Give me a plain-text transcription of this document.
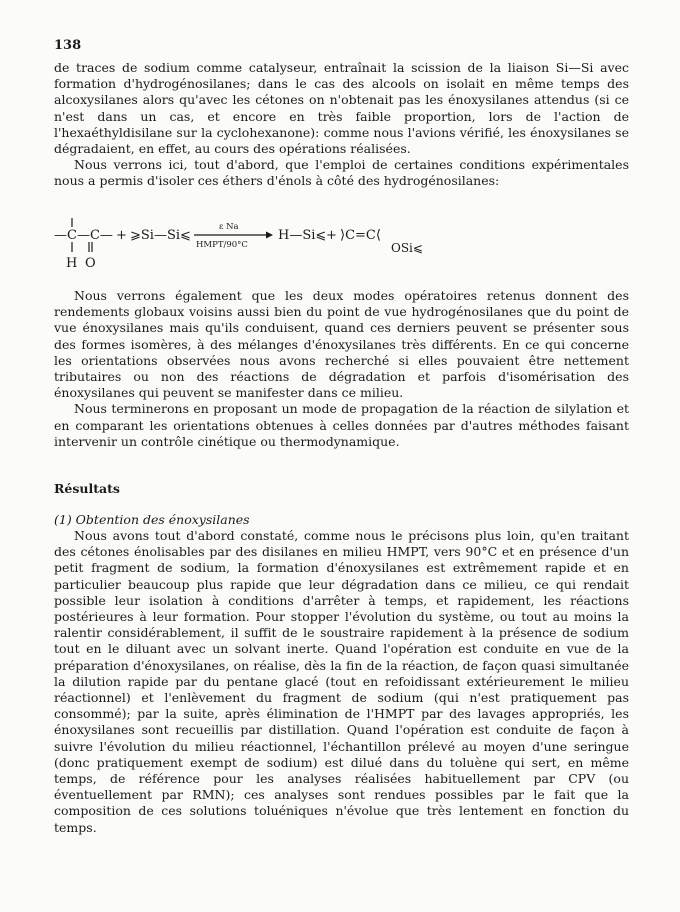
138

de traces de sodium comme catalyseur, entraînait la scission de la liaison Si—Si avec formation d'hydrogénosilanes; dans le cas des alcools on isolait en même temps des alcoxysilanes alors qu'avec les cétones on n'obtenait pas les énoxysilanes attendus (si ce n'est dans un cas, et encore en très faible proportion, lors de l'action de l'hexaéthyldisilane sur la cyclohexanone): comme nous l'avions vérifié, les énoxysilanes se dégradaient, en effet, au cours des opérations réalisées.

Nous verrons ici, tout d'abord, que l'emploi de certaines conditions expérimentales nous a permis d'isoler ces éthers d'énols à côté des hydrogénosilanes:

—C—C—
H O
+ ⩾Si—Si⩽
ε Na
HMPT/90°C
H—Si⩽ + ⟩C=C⟨
OSi⩽

Nous verrons également que les deux modes opératoires retenus donnent des rendements globaux voisins aussi bien du point de vue hydrogénosilanes que du point de vue énoxysilanes mais qu'ils conduisent, quand ces derniers peuvent se présenter sous des formes isomères, à des mélanges d'énoxysilanes très différents. En ce qui concerne les orientations observées nous avons recherché si elles pouvaient être nettement tributaires ou non des réactions de dégradation et parfois d'isomérisation des énoxysilanes qui peuvent se manifester dans ce milieu.

Nous terminerons en proposant un mode de propagation de la réaction de silylation et en comparant les orientations obtenues à celles données par d'autres méthodes faisant intervenir un contrôle cinétique ou thermodynamique.

Résultats
(1) Obtention des énoxysilanes

Nous avons tout d'abord constaté, comme nous le précisons plus loin, qu'en traitant des cétones énolisables par des disilanes en milieu HMPT, vers 90°C et en présence d'un petit fragment de sodium, la formation d'énoxysilanes est extrêmement rapide et en particulier beaucoup plus rapide que leur dégradation dans ce milieu, ce qui rendait possible leur isolation à conditions d'arrêter à temps, et rapidement, les réactions postérieures à leur formation. Pour stopper l'évolution du système, ou tout au moins la ralentir considérablement, il suffit de le soustraire rapidement à la présence de sodium tout en le diluant avec un solvant inerte. Quand l'opération est conduite en vue de la préparation d'énoxysilanes, on réalise, dès la fin de la réaction, de façon quasi simultanée la dilution rapide par du pentane glacé (tout en refoidissant extérieurement le milieu réactionnel) et l'enlèvement du fragment de sodium (qui n'est pratiquement pas consommé); par la suite, après élimination de l'HMPT par des lavages appropriés, les énoxysilanes sont recueillis par distillation. Quand l'opération est conduite de façon à suivre l'évolution du milieu réactionnel, l'échantillon prélevé au moyen d'une seringue (donc pratiquement exempt de sodium) est dilué dans du toluène qui sert, en même temps, de référence pour les analyses réalisées habituellement par CPV (ou éventuellement par RMN); ces analyses sont rendues possibles par le fait que la composition de ces solutions toluéniques n'évolue que très lentement en fonction du temps.
